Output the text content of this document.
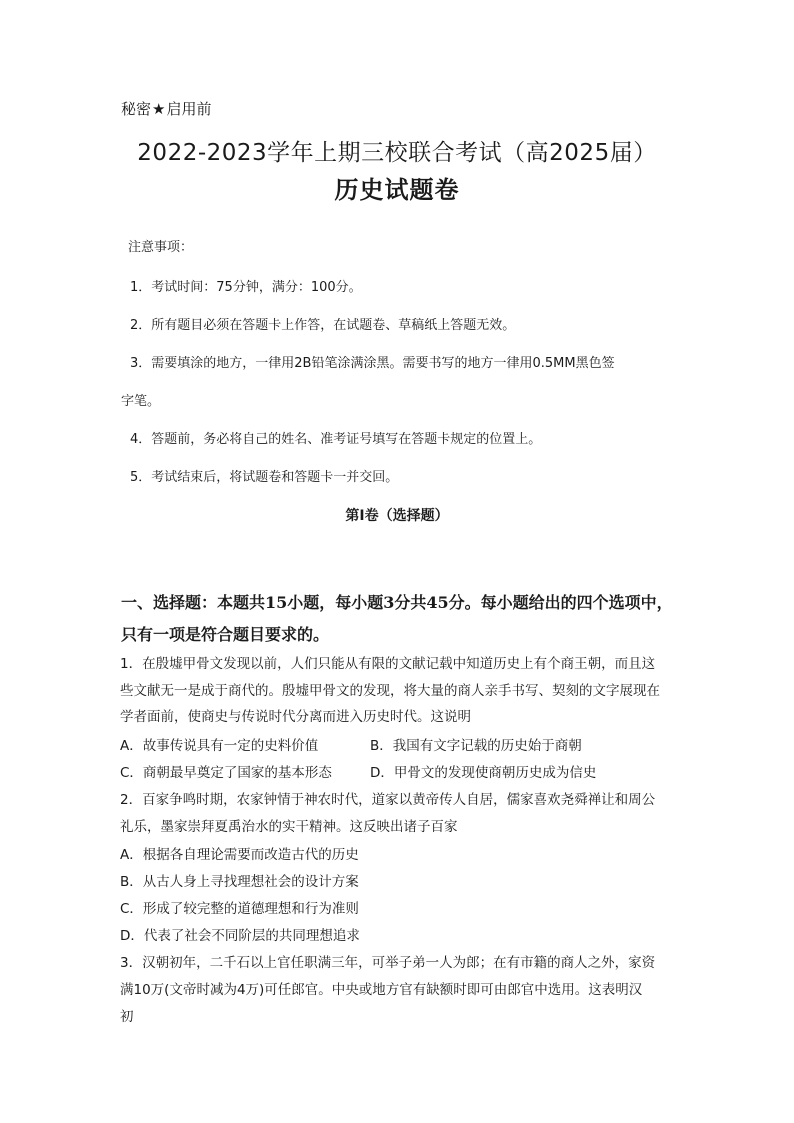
秘密★启用前
2022-2023学年上期三校联合考试（高2025届）
历史试题卷
注意事项：
1．考试时间：75分钟，满分：100分。
2．所有题目必须在答题卡上作答，在试题卷、草稿纸上答题无效。
3．需要填涂的地方，一律用2B铅笔涂满涂黑。需要书写的地方一律用0.5MM黑色签
字笔。
4．答题前，务必将自己的姓名、准考证号填写在答题卡规定的位置上。
5．考试结束后，将试题卷和答题卡一并交回。
第Ⅰ卷（选择题）
一、选择题：本题共15小题，每小题3分共45分。每小题给出的四个选项中，
只有一项是符合题目要求的。
1．在殷墟甲骨文发现以前，人们只能从有限的文献记载中知道历史上有个商王朝，而且这
些文献无一是成于商代的。殷墟甲骨文的发现，将大量的商人亲手书写、契刻的文字展现在
学者面前，使商史与传说时代分离而进入历史时代。这说明
A．故事传说具有一定的史料价值	B．我国有文字记载的历史始于商朝
C．商朝最早奠定了国家的基本形态	D．甲骨文的发现使商朝历史成为信史
2．百家争鸣时期，农家钟情于神农时代，道家以黄帝传人自居，儒家喜欢尧舜禅让和周公
礼乐，墨家崇拜夏禹治水的实干精神。这反映出诸子百家
A．根据各自理论需要而改造古代的历史
B．从古人身上寻找理想社会的设计方案
C．形成了较完整的道德理想和行为准则
D．代表了社会不同阶层的共同理想追求
3．汉朝初年，二千石以上官任职满三年，可举子弟一人为郎；在有市籍的商人之外，家资
满10万(文帝时减为4万)可任郎官。中央或地方官有缺额时即可由郎官中选用。这表明汉
初
